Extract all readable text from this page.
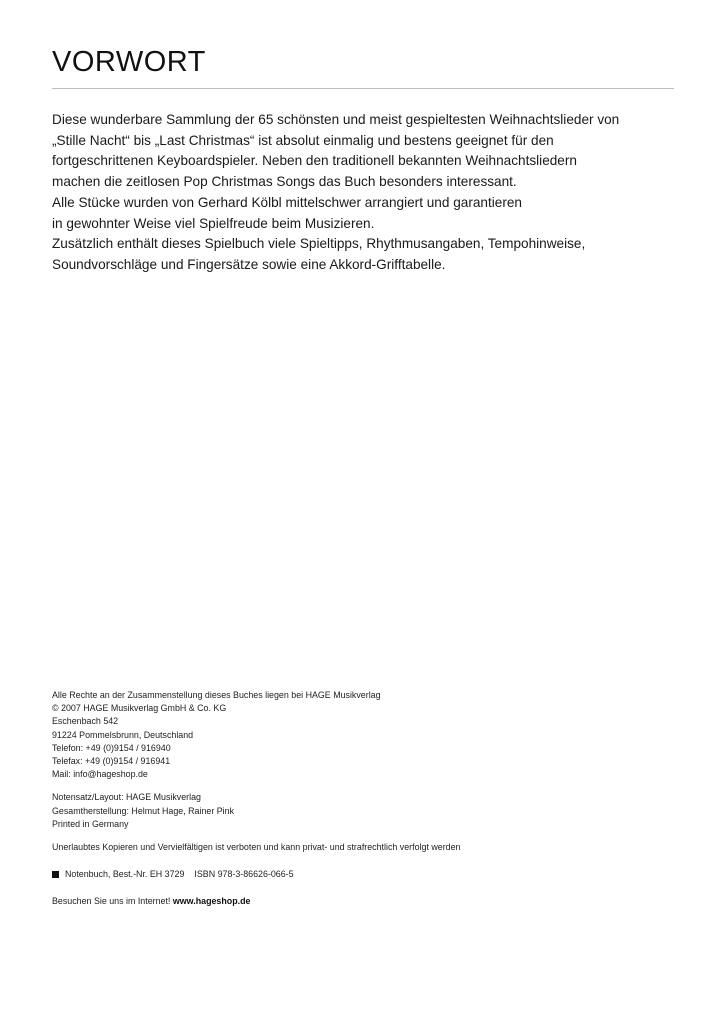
VORWORT
Diese wunderbare Sammlung der 65 schönsten und meist gespieltesten Weihnachtslieder von
„Stille Nacht“ bis „Last Christmas“ ist absolut einmalig und bestens geeignet für den
fortgeschrittenen Keyboardspieler. Neben den traditionell bekannten Weihnachtsliedern
machen die zeitlosen Pop Christmas Songs das Buch besonders interessant.
Alle Stücke wurden von Gerhard Kölbl mittelschwer arrangiert und garantieren
in gewohnter Weise viel Spielfreude beim Musizieren.
Zusätzlich enthält dieses Spielbuch viele Spieltipps, Rhythmusangaben, Tempohinweise,
Soundvorschläge und Fingersätze sowie eine Akkord-Grifftabelle.
Alle Rechte an der Zusammenstellung dieses Buches liegen bei HAGE Musikverlag
© 2007 HAGE Musikverlag GmbH & Co. KG
Eschenbach 542
91224 Pommelsbrunn, Deutschland
Telefon: +49 (0)9154 / 916940
Telefax: +49 (0)9154 / 916941
Mail: info@hageshop.de
Notensatz/Layout: HAGE Musikverlag
Gesamtherstellung: Helmut Hage, Rainer Pink
Printed in Germany
Unerlaubtes Kopieren und Vervielfältigen ist verboten und kann privat- und strafrechtlich verfolgt werden
Notenbuch, Best.-Nr. EH 3729 ISBN 978-3-86626-066-5
Besuchen Sie uns im Internet! www.hageshop.de
